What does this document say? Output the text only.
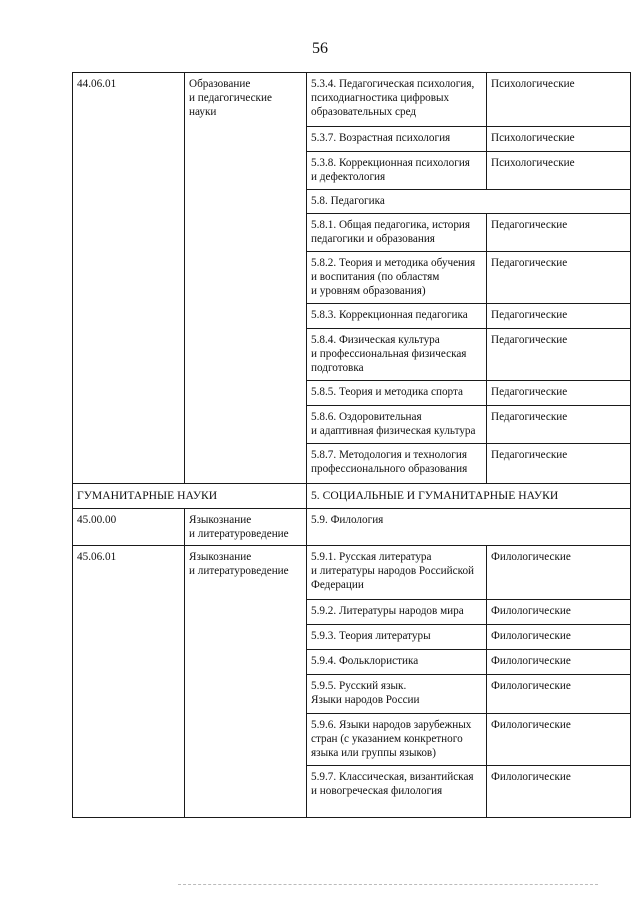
56
44.06.01	Образование
и педагогические
науки	5.3.4. Педагогическая психология,
психодиагностика цифровых
образовательных сред	Психологические
		5.3.7. Возрастная психология	Психологические
		5.3.8. Коррекционная психология
и дефектология	Психологические
		5.8. Педагогика	
		5.8.1. Общая педагогика, история
педагогики и образования	Педагогические
		5.8.2. Теория и методика обучения
и воспитания (по областям
и уровням образования)	Педагогические
		5.8.3. Коррекционная педагогика	Педагогические
		5.8.4. Физическая культура
и профессиональная физическая
подготовка	Педагогические
		5.8.5. Теория и методика спорта	Педагогические
		5.8.6. Оздоровительная
и адаптивная физическая культура	Педагогические
		5.8.7. Методология и технология
профессионального образования	Педагогические
ГУМАНИТАРНЫЕ НАУКИ		5. СОЦИАЛЬНЫЕ И ГУМАНИТАРНЫЕ НАУКИ	
45.00.00	Языкознание
и литературоведение	5.9. Филология	
45.06.01	Языкознание
и литературоведение	5.9.1. Русская литература
и литературы народов Российской
Федерации	Филологические
		5.9.2. Литературы народов мира	Филологические
		5.9.3. Теория литературы	Филологические
		5.9.4. Фольклористика	Филологические
		5.9.5. Русский язык.
Языки народов России	Филологические
		5.9.6. Языки народов зарубежных
стран (с указанием конкретного
языка или группы языков)	Филологические
		5.9.7. Классическая, византийская
и новогреческая филология	Филологические
